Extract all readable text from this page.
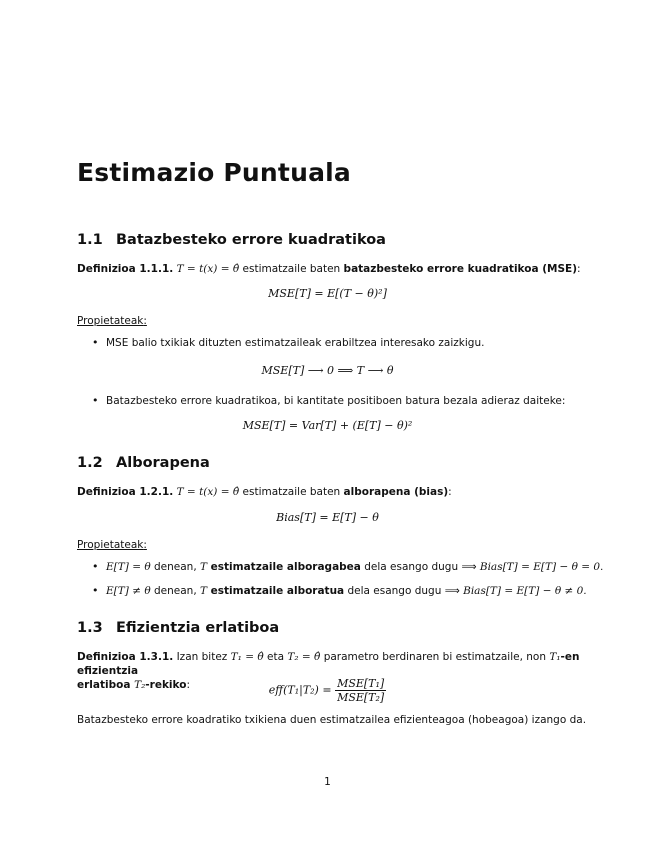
Estimazio Puntuala
1.1 Batazbesteko errore kuadratikoa
Definizioa 1.1.1. T = t(x) = θ̂ estimatzaile baten batazbesteko errore kuadratikoa (MSE):
MSE[T] = E[(T − θ)²]
Propietateak:
• MSE balio txikiak dituzten estimatzaileak erabiltzea interesako zaizkigu.
MSE[T] ⟶ 0 ⟹ T ⟶ θ
• Batazbesteko errore kuadratikoa, bi kantitate positiboen batura bezala adieraz daiteke:
MSE[T] = Var[T] + (E[T] − θ)²
1.2 Alborapena
Definizioa 1.2.1. T = t(x) = θ̂ estimatzaile baten alborapena (bias):
Bias[T] = E[T] − θ
Propietateak:
• E[T] = θ denean, T estimatzaile alboragabea dela esango dugu ⟹ Bias[T] = E[T] − θ = 0.
• E[T] ≠ θ denean, T estimatzaile alboratua dela esango dugu ⟹ Bias[T] = E[T] − θ ≠ 0.
1.3 Efizientzia erlatiboa
Definizioa 1.3.1. Izan bitez T₁ = θ̂ eta T₂ = θ̂ parametro berdinaren bi estimatzaile, non T₁-en efizientzia
erlatiboa T₂-rekiko:	$eff(T_1|T_2) = \frac{\text{MSE[T₁]}}{\text{MSE[T₂]}}$
Batazbesteko errore koadratiko txikiena duen estimatzailea efizienteagoa (hobeagoa) izango da.
1
